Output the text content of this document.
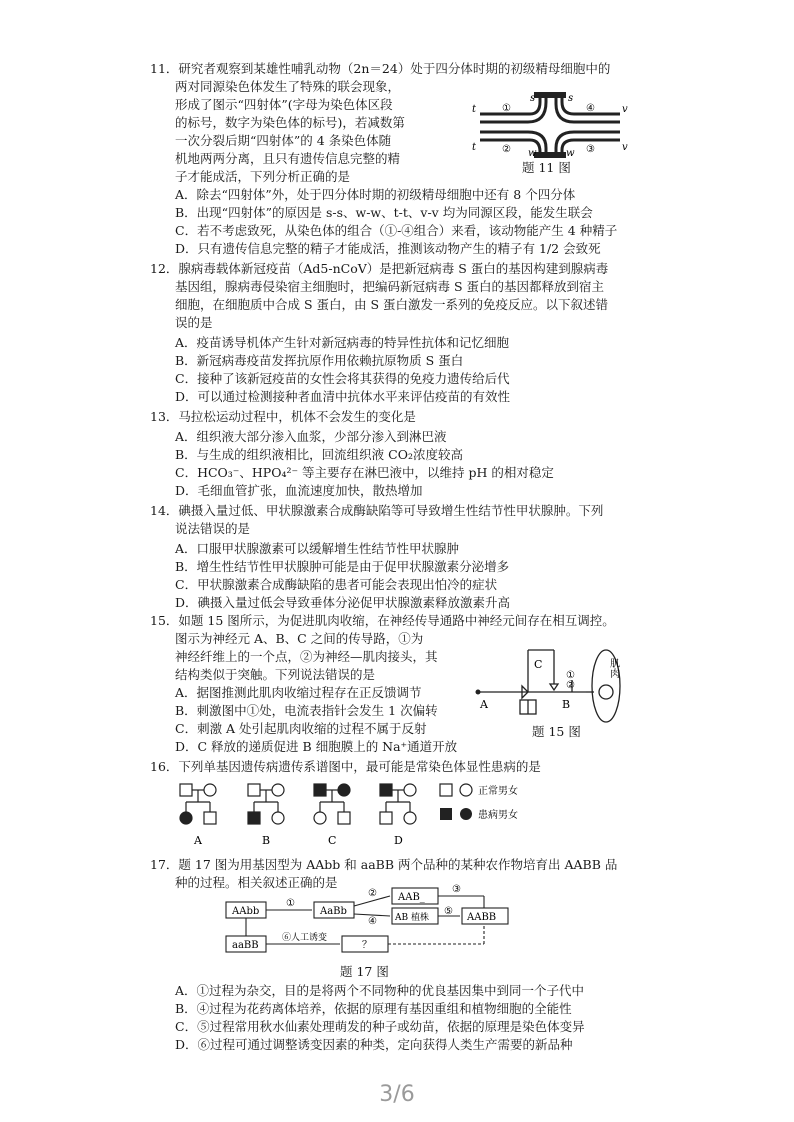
11．研究者观察到某雄性哺乳动物（2n＝24）处于四分体时期的初级精母细胞中的
两对同源染色体发生了特殊的联会现象，
形成了图示“四射体”(字母为染色体区段
的标号，数字为染色体的标号)，若减数第
一次分裂后期“四射体”的 4 条染色体随
机地两两分离，且只有遗传信息完整的精
子才能成活，下列分析正确的是
t
t
s
s
v
v
w	w
①
②	③
④
题 11 图
A．除去“四射体”外，处于四分体时期的初级精母细胞中还有 8 个四分体
B．出现“四射体”的原因是 s-s、w-w、t-t、v-v 均为同源区段，能发生联会
C．若不考虑致死，从染色体的组合（①-④组合）来看，该动物能产生 4 种精子
D．只有遗传信息完整的精子才能成活，推测该动物产生的精子有 1/2 会致死
12．腺病毒载体新冠疫苗（Ad5-nCoV）是把新冠病毒 S 蛋白的基因构建到腺病毒
基因组，腺病毒侵染宿主细胞时，把编码新冠病毒 S 蛋白的基因都释放到宿主
细胞，在细胞质中合成 S 蛋白，由 S 蛋白激发一系列的免疫反应。以下叙述错
误的是
A．疫苗诱导机体产生针对新冠病毒的特异性抗体和记忆细胞
B．新冠病毒疫苗发挥抗原作用依赖抗原物质 S 蛋白
C．接种了该新冠疫苗的女性会将其获得的免疫力遗传给后代
D．可以通过检测接种者血清中抗体水平来评估疫苗的有效性
13．马拉松运动过程中，机体不会发生的变化是
A．组织液大部分渗入血浆，少部分渗入到淋巴液
B．与生成的组织液相比，回流组织液 CO₂浓度较高
C．HCO₃⁻、HPO₄²⁻ 等主要存在淋巴液中，以维持 pH 的相对稳定
D．毛细血管扩张，血流速度加快，散热增加
14．碘摄入量过低、甲状腺激素合成酶缺陷等可导致增生性结节性甲状腺肿。下列
说法错误的是
A．口服甲状腺激素可以缓解增生性结节性甲状腺肿
B．增生性结节性甲状腺肿可能是由于促甲状腺激素分泌增多
C．甲状腺激素合成酶缺陷的患者可能会表现出怕冷的症状
D．碘摄入量过低会导致垂体分泌促甲状腺激素释放激素升高
15．如题 15 图所示，为促进肌肉收缩，在神经传导通路中神经元间存在相互调控。
图示为神经元 A、B、C 之间的传导路，①为
神经纤维上的一个点，②为神经—肌肉接头，其
结构类似于突触。下列说法错误的是
A．据图推测此肌肉收缩过程存在正反馈调节
B．刺激图中①处，电流表指针会发生 1 次偏转
C．刺激 A 处引起肌肉收缩的过程不属于反射
D．C 释放的递质促进 B 细胞膜上的 Na⁺通道开放
A	B
C
①
②
肌肉
题 15 图
16．下列单基因遗传病遗传系谱图中，最可能是常染色体显性患病的是
A	B	C	D
正常男女
患病男女
17．题 17 图为用基因型为 AAbb 和 aaBB 两个品种的某种农作物培育出 AABB 品
种的过程。相关叙述正确的是
AAbb	AaBb
AAB_
AB 植株	AABB
aaBB	？
①
②	③
④
⑤
⑥人工诱变
题 17 图
A．①过程为杂交，目的是将两个不同物种的优良基因集中到同一个子代中
B．④过程为花药离体培养，依据的原理有基因重组和植物细胞的全能性
C．⑤过程常用秋水仙素处理萌发的种子或幼苗，依据的原理是染色体变异
D．⑥过程可通过调整诱变因素的种类，定向获得人类生产需要的新品种
3/6
